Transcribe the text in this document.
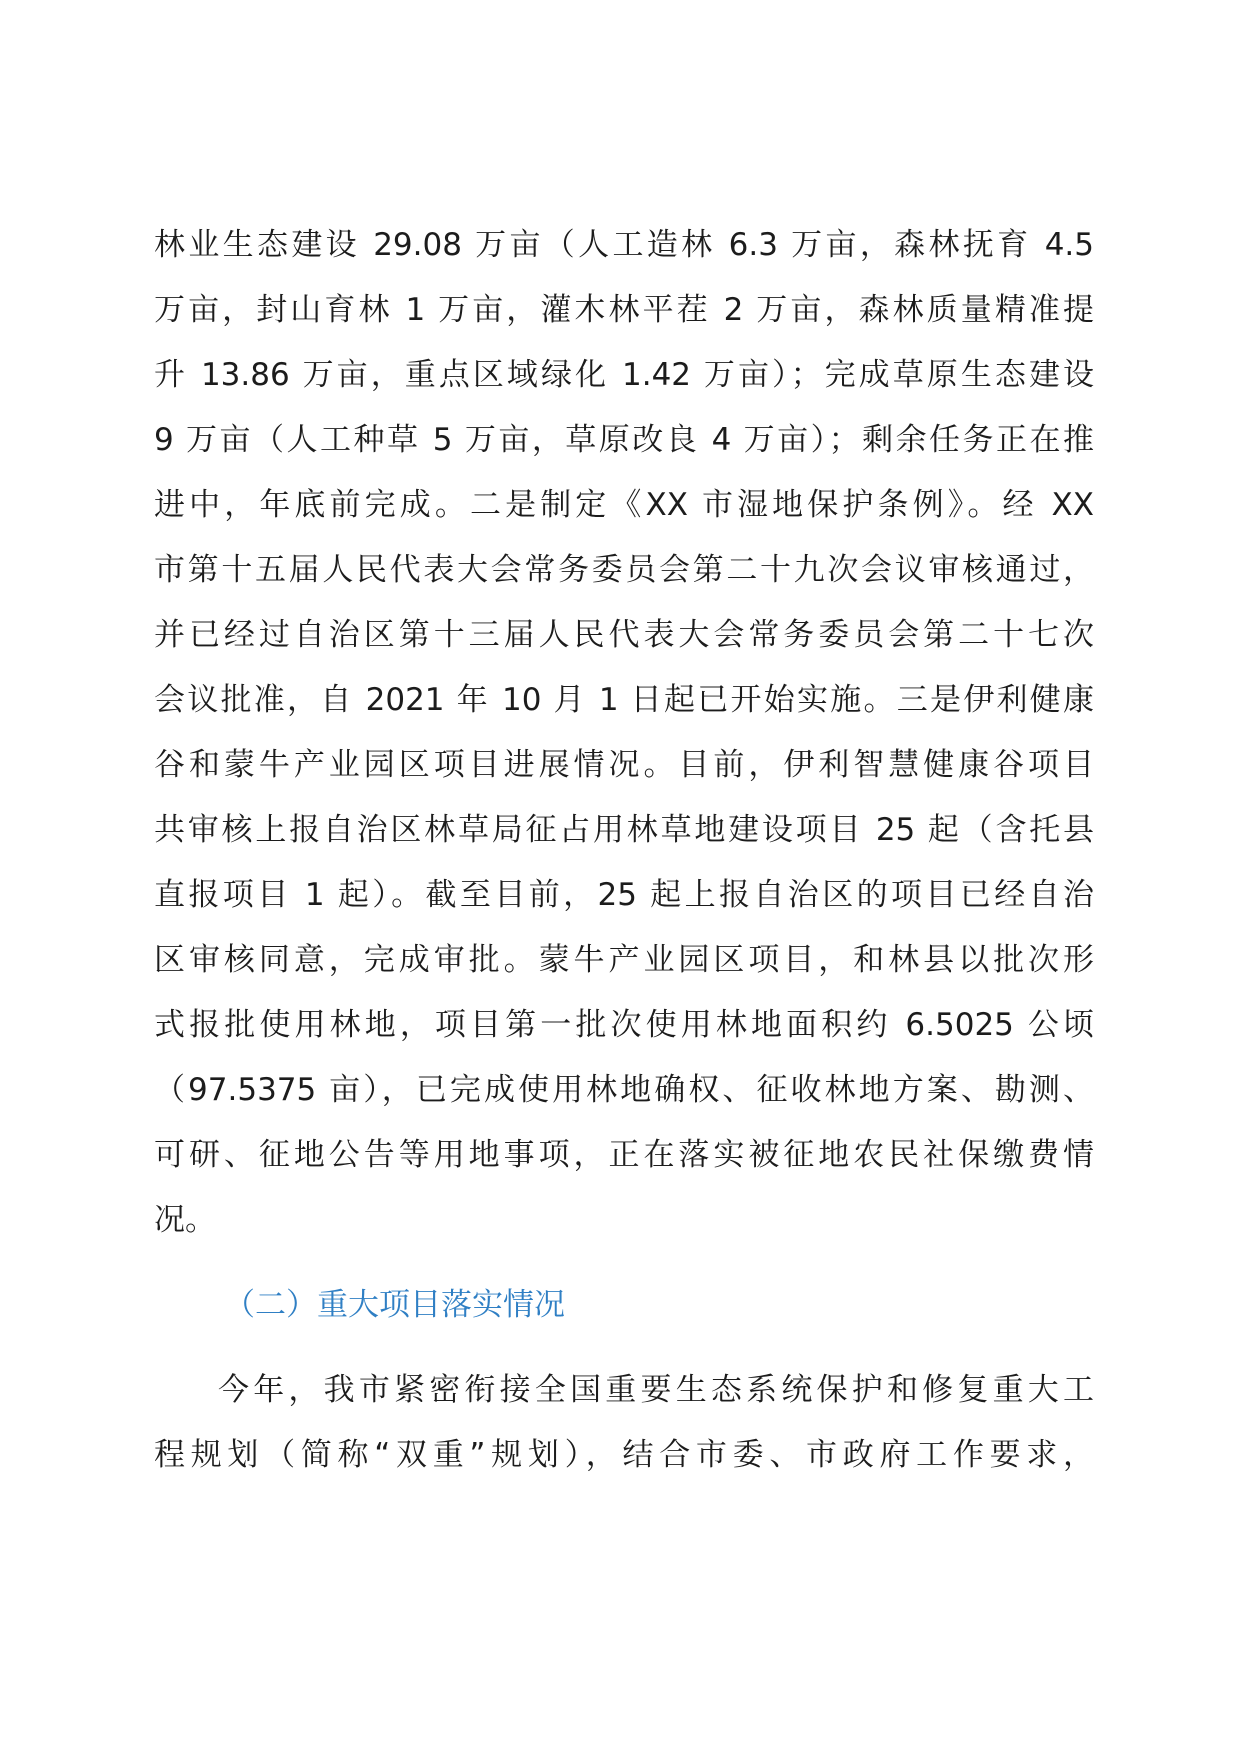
林业生态建设 29.08 万亩（人工造林 6.3 万亩，森林抚育 4.5
万亩，封山育林 1 万亩，灌木林平茬 2 万亩，森林质量精准提
升 13.86 万亩，重点区域绿化 1.42 万亩）；完成草原生态建设
9 万亩（人工种草 5 万亩，草原改良 4 万亩）；剩余任务正在推
进中，年底前完成。二是制定《XX 市湿地保护条例》。经 XX
市第十五届人民代表大会常务委员会第二十九次会议审核通过，
并已经过自治区第十三届人民代表大会常务委员会第二十七次
会议批准，自 2021 年 10 月 1 日起已开始实施。三是伊利健康
谷和蒙牛产业园区项目进展情况。目前，伊利智慧健康谷项目
共审核上报自治区林草局征占用林草地建设项目 25 起（含托县
直报项目 1 起）。截至目前，25 起上报自治区的项目已经自治
区审核同意，完成审批。蒙牛产业园区项目，和林县以批次形
式报批使用林地，项目第一批次使用林地面积约 6.5025 公顷
（97.5375 亩），已完成使用林地确权、征收林地方案、勘测、
可研、征地公告等用地事项，正在落实被征地农民社保缴费情
况。
（二）重大项目落实情况
今年，我市紧密衔接全国重要生态系统保护和修复重大工
程规划（简称“双重”规划），结合市委、市政府工作要求，
